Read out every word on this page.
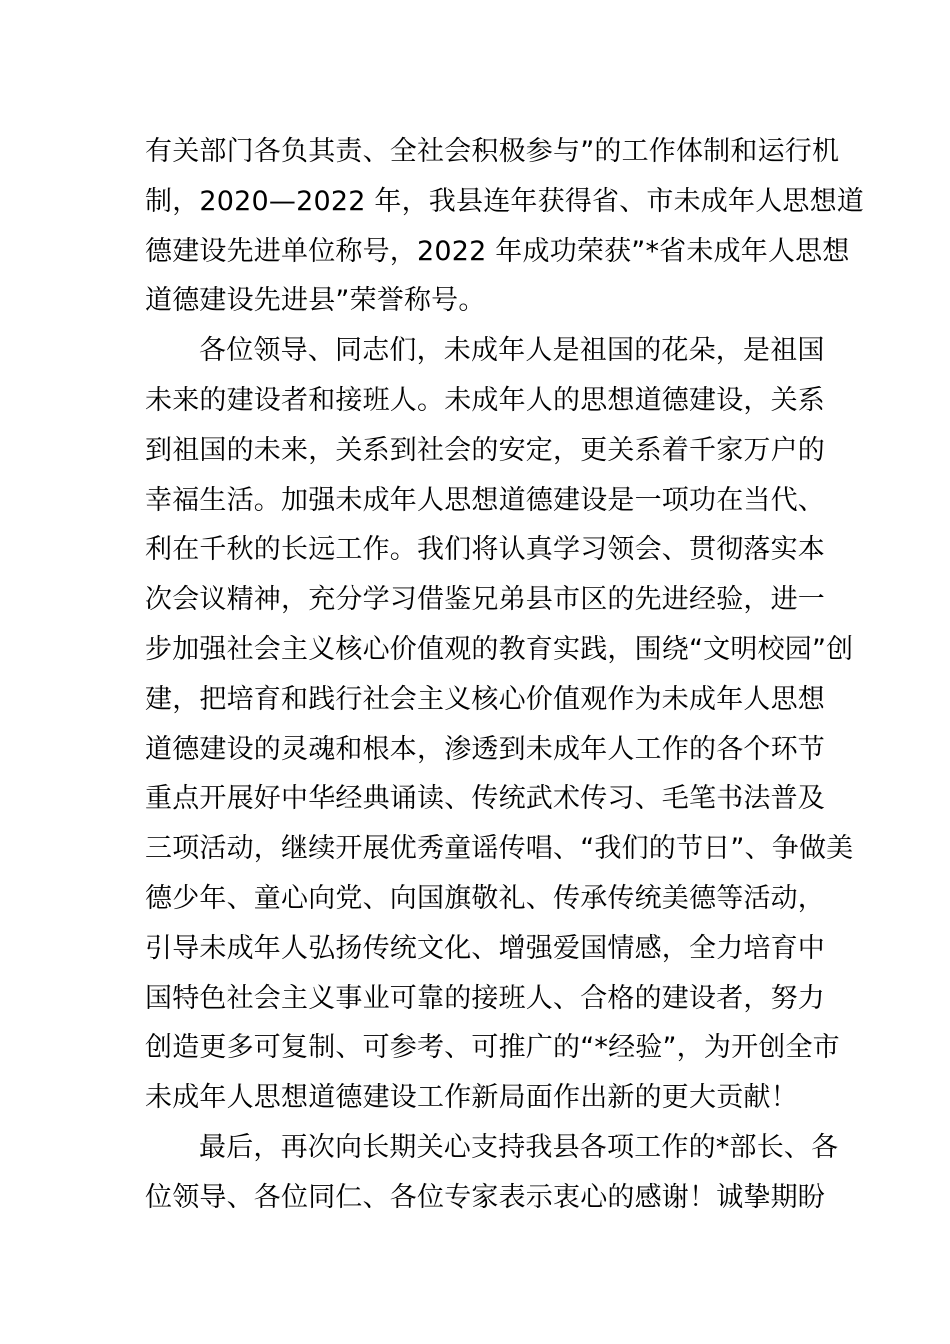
有关部门各负其责、全社会积极参与”的工作体制和运行机
制，2020—2022 年，我县连年获得省、市未成年人思想道
德建设先进单位称号，2022 年成功荣获”*省未成年人思想
道德建设先进县”荣誉称号。
各位领导、同志们，未成年人是祖国的花朵，是祖国
未来的建设者和接班人。未成年人的思想道德建设，关系
到祖国的未来，关系到社会的安定，更关系着千家万户的
幸福生活。加强未成年人思想道德建设是一项功在当代、
利在千秋的长远工作。我们将认真学习领会、贯彻落实本
次会议精神，充分学习借鉴兄弟县市区的先进经验，进一
步加强社会主义核心价值观的教育实践，围绕“文明校园”创
建，把培育和践行社会主义核心价值观作为未成年人思想
道德建设的灵魂和根本，渗透到未成年人工作的各个环节
重点开展好中华经典诵读、传统武术传习、毛笔书法普及
三项活动，继续开展优秀童谣传唱、“我们的节日”、争做美
德少年、童心向党、向国旗敬礼、传承传统美德等活动，
引导未成年人弘扬传统文化、增强爱国情感，全力培育中
国特色社会主义事业可靠的接班人、合格的建设者，努力
创造更多可复制、可参考、可推广的“*经验”，为开创全市
未成年人思想道德建设工作新局面作出新的更大贡献！
最后，再次向长期关心支持我县各项工作的*部长、各
位领导、各位同仁、各位专家表示衷心的感谢！诚挚期盼
